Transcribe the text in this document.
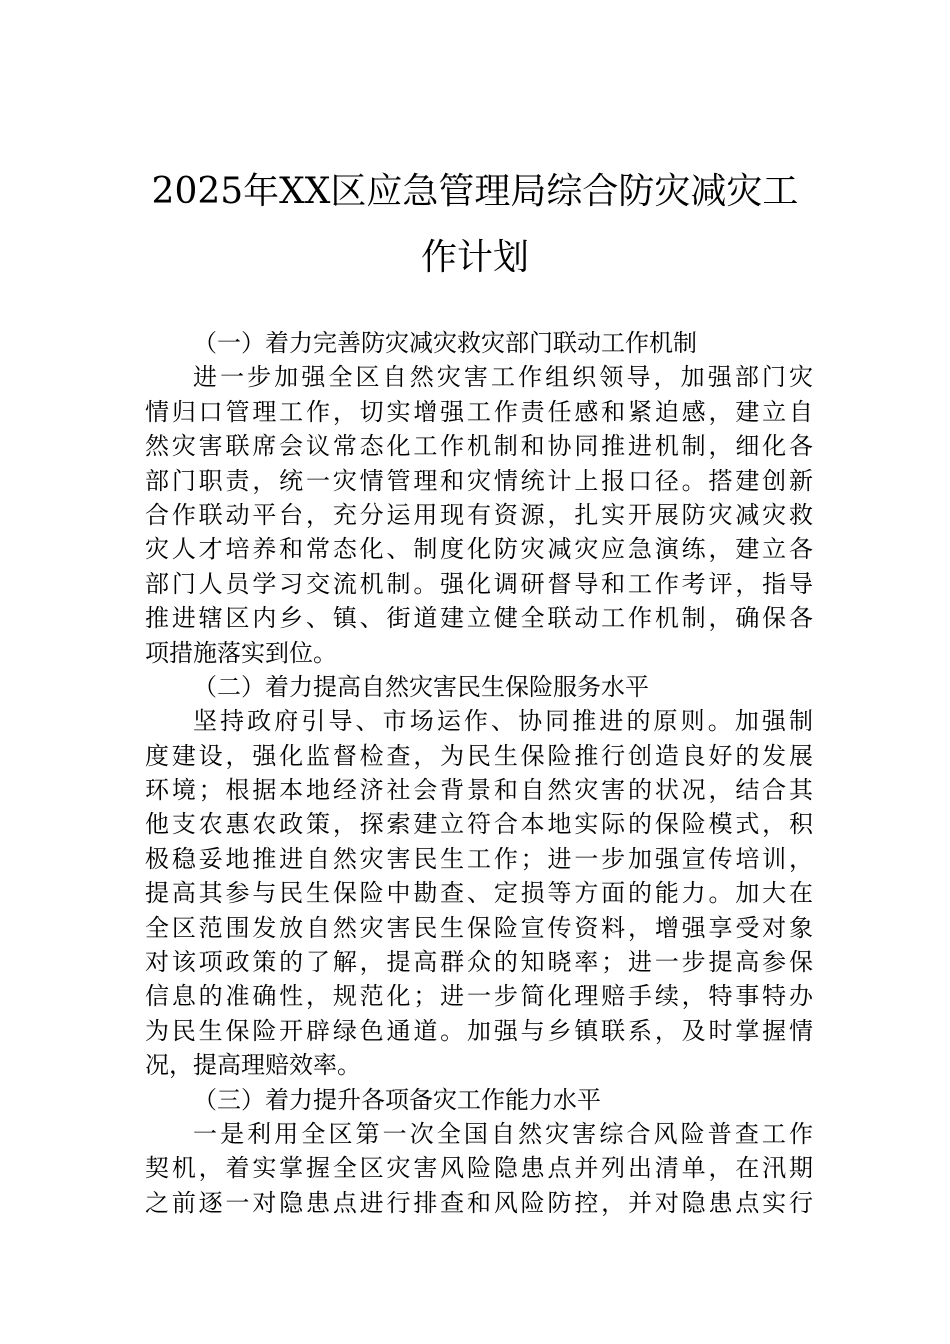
2025年XX区应急管理局综合防灾减灾工
作计划
（一）着力完善防灾减灾救灾部门联动工作机制
进一步加强全区自然灾害工作组织领导，加强部门灾
情归口管理工作，切实增强工作责任感和紧迫感，建立自
然灾害联席会议常态化工作机制和协同推进机制，细化各
部门职责，统一灾情管理和灾情统计上报口径。搭建创新
合作联动平台，充分运用现有资源，扎实开展防灾减灾救
灾人才培养和常态化、制度化防灾减灾应急演练，建立各
部门人员学习交流机制。强化调研督导和工作考评，指导
推进辖区内乡、镇、街道建立健全联动工作机制，确保各
项措施落实到位。
（二）着力提高自然灾害民生保险服务水平
坚持政府引导、市场运作、协同推进的原则。加强制
度建设，强化监督检查，为民生保险推行创造良好的发展
环境；根据本地经济社会背景和自然灾害的状况，结合其
他支农惠农政策，探索建立符合本地实际的保险模式，积
极稳妥地推进自然灾害民生工作；进一步加强宣传培训，
提高其参与民生保险中勘查、定损等方面的能力。加大在
全区范围发放自然灾害民生保险宣传资料，增强享受对象
对该项政策的了解，提高群众的知晓率；进一步提高参保
信息的准确性，规范化；进一步简化理赔手续，特事特办
为民生保险开辟绿色通道。加强与乡镇联系，及时掌握情
况，提高理赔效率。
（三）着力提升各项备灾工作能力水平
一是利用全区第一次全国自然灾害综合风险普查工作
契机，着实掌握全区灾害风险隐患点并列出清单，在汛期
之前逐一对隐患点进行排查和风险防控，并对隐患点实行
